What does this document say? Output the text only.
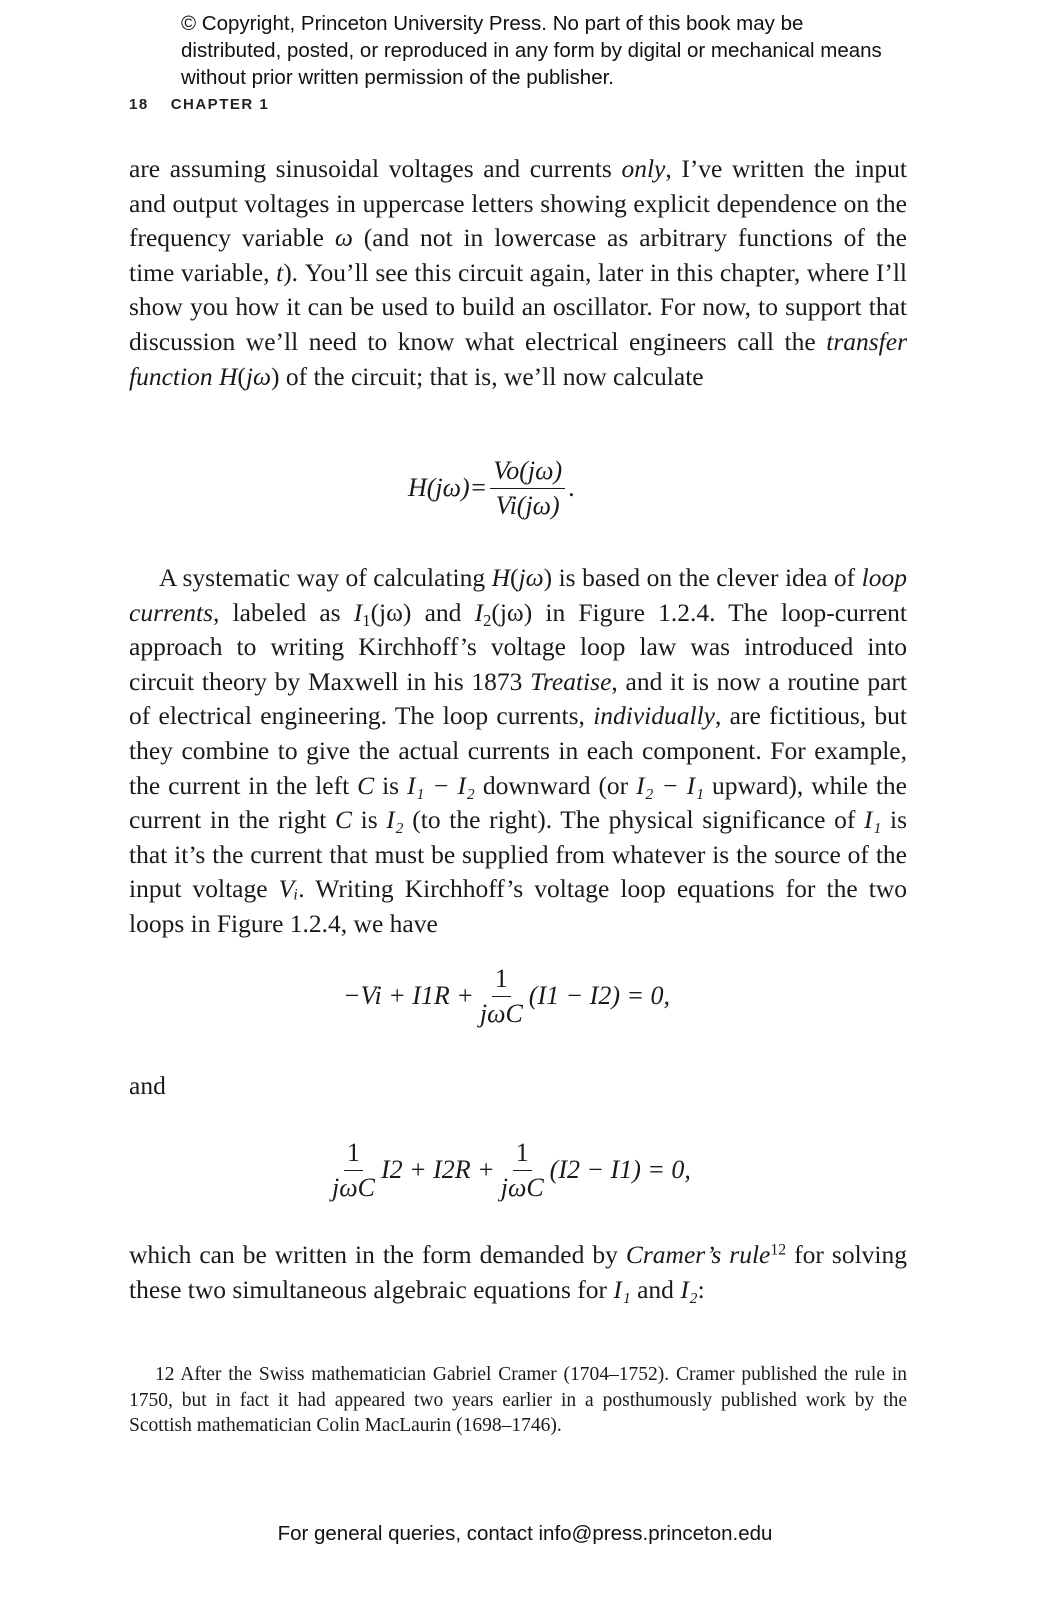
© Copyright, Princeton University Press. No part of this book may be distributed, posted, or reproduced in any form by digital or mechanical means without prior written permission of the publisher.
18 CHAPTER 1
are assuming sinusoidal voltages and currents only, I’ve written the input and output voltages in uppercase letters showing explicit dependence on the frequency variable ω (and not in lowercase as arbitrary functions of the time variable, t). You’ll see this circuit again, later in this chapter, where I’ll show you how it can be used to build an oscillator. For now, to support that discussion we’ll need to know what electrical engineers call the transfer function H(jω) of the circuit; that is, we’ll now calculate
$H(j\omega)= \frac{Vo(j\omega)}{Vi(j\omega)}$ .
A systematic way of calculating H(jω) is based on the clever idea of loop currents, labeled as $I_1(j\omega)$ and $I_2(j\omega)$ in Figure 1.2.4. The loop-current approach to writing Kirchhoff’s voltage loop law was introduced into circuit theory by Maxwell in his 1873 Treatise, and it is now a routine part of electrical engineering. The loop currents, individually, are fictitious, but they combine to give the actual currents in each component. For example, the current in the left C is I₁ − I₂ downward (or I₂ − I₁ upward), while the current in the right C is I₂ (to the right). The physical significance of I₁ is that it’s the current that must be supplied from whatever is the source of the input voltage Vᵢ. Writing Kirchhoff’s voltage loop equations for the two loops in Figure 1.2.4, we have
$-Vi + I1R + \frac{1}{\text{jωC}} (I1 - I2) = 0$,
and
$\frac{1}{\text{jωC}} I2 + I2R + \frac{1}{\text{jωC}} (I2 - I1) = 0$,
which can be written in the form demanded by Cramer’s rule$^{12}$ for solving these two simultaneous algebraic equations for I₁ and I₂:
12 After the Swiss mathematician Gabriel Cramer (1704–1752). Cramer published the rule in 1750, but in fact it had appeared two years earlier in a posthumously published work by the Scottish mathematician Colin MacLaurin (1698–1746).
For general queries, contact info@press.princeton.edu
